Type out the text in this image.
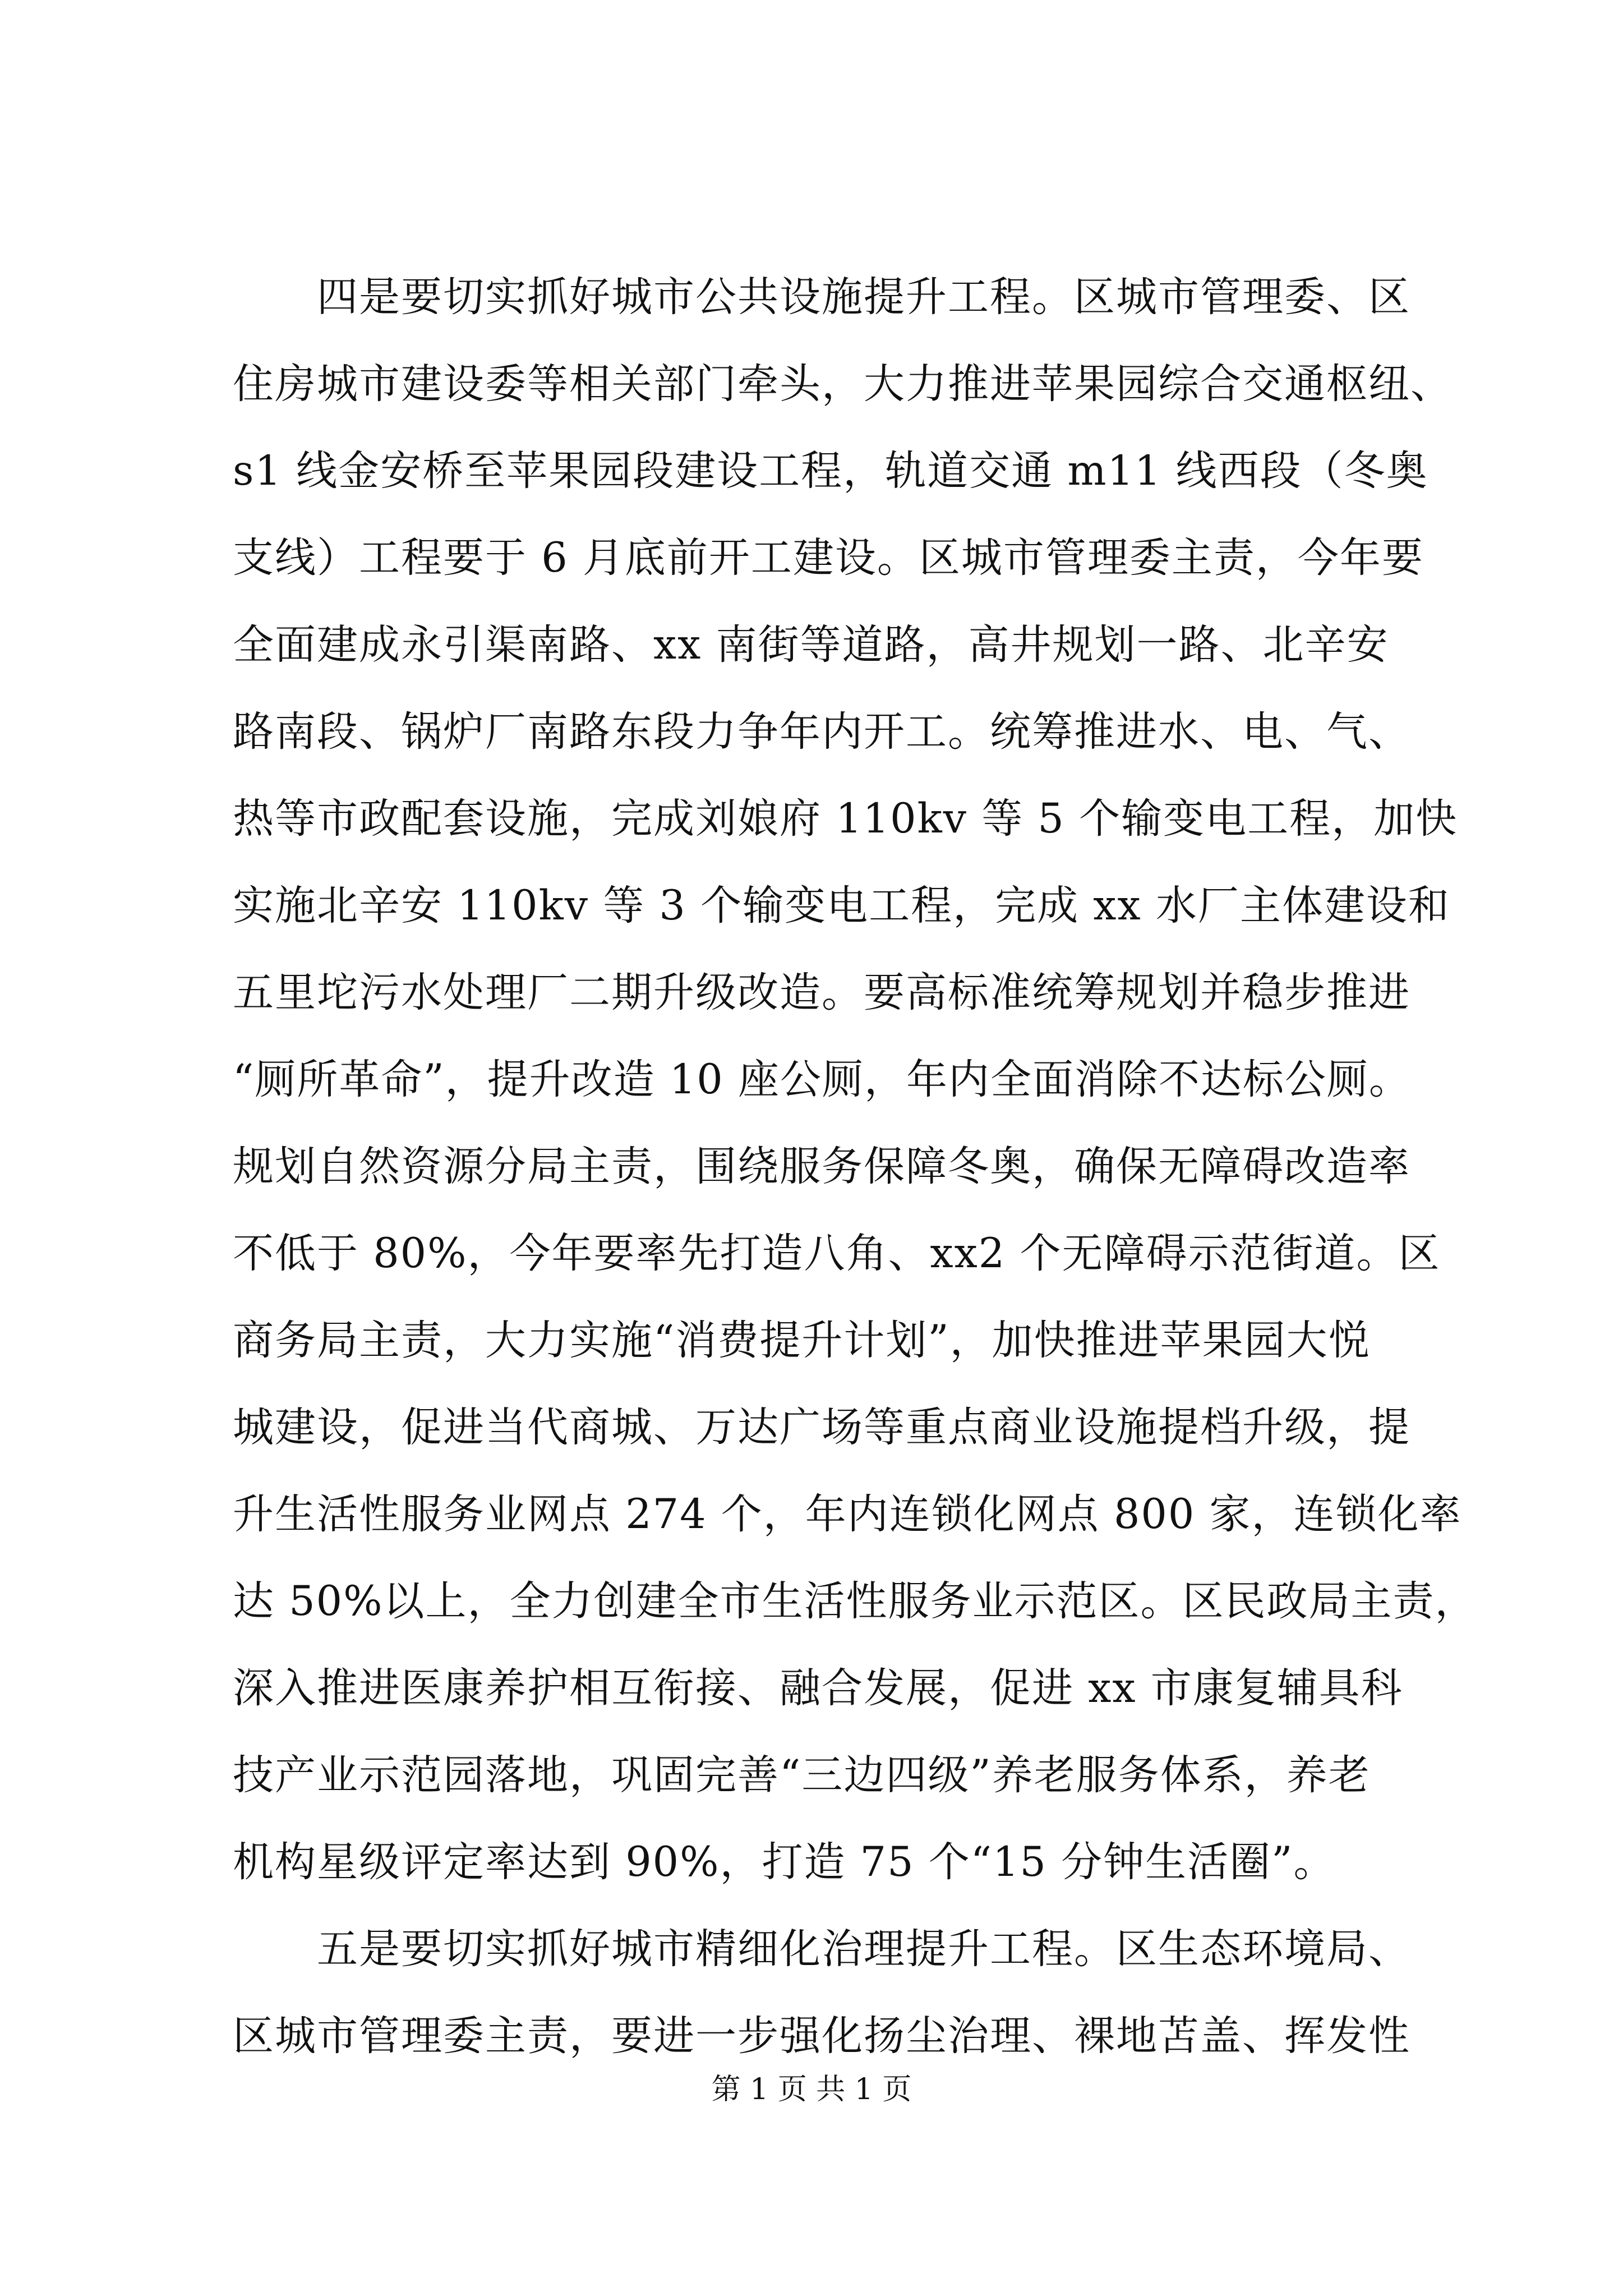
　　四是要切实抓好城市公共设施提升工程。区城市管理委、区
住房城市建设委等相关部门牵头，大力推进苹果园综合交通枢纽、
s1 线金安桥至苹果园段建设工程，轨道交通 m11 线西段（冬奥
支线）工程要于 6 月底前开工建设。区城市管理委主责，今年要
全面建成永引渠南路、xx 南街等道路，高井规划一路、北辛安
路南段、锅炉厂南路东段力争年内开工。统筹推进水、电、气、
热等市政配套设施，完成刘娘府 110kv 等 5 个输变电工程，加快
实施北辛安 110kv 等 3 个输变电工程，完成 xx 水厂主体建设和
五里坨污水处理厂二期升级改造。要高标准统筹规划并稳步推进
“厕所革命”，提升改造 10 座公厕，年内全面消除不达标公厕。
规划自然资源分局主责，围绕服务保障冬奥，确保无障碍改造率
不低于 80%，今年要率先打造八角、xx2 个无障碍示范街道。区
商务局主责，大力实施“消费提升计划”，加快推进苹果园大悦
城建设，促进当代商城、万达广场等重点商业设施提档升级，提
升生活性服务业网点 274 个，年内连锁化网点 800 家，连锁化率
达 50%以上，全力创建全市生活性服务业示范区。区民政局主责，
深入推进医康养护相互衔接、融合发展，促进 xx 市康复辅具科
技产业示范园落地，巩固完善“三边四级”养老服务体系，养老
机构星级评定率达到 90%，打造 75 个“15 分钟生活圈”。
　　五是要切实抓好城市精细化治理提升工程。区生态环境局、
区城市管理委主责，要进一步强化扬尘治理、裸地苫盖、挥发性
第 1 页 共 1 页
